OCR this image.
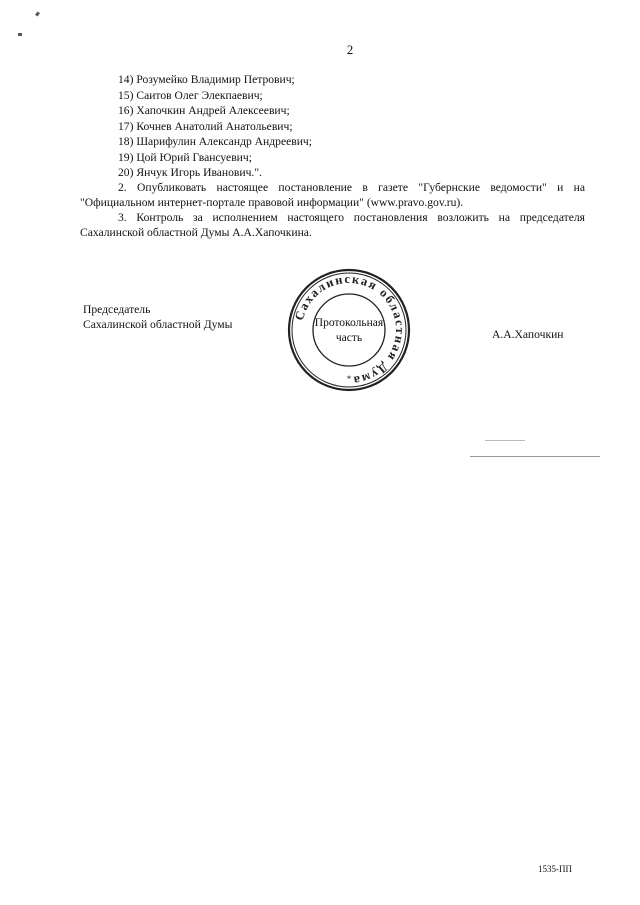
2
14) Розумейко Владимир Петрович;
15) Саитов Олег Элекпаевич;
16) Хапочкин Андрей Алексеевич;
17) Кочнев Анатолий Анатольевич;
18) Шарифулин Александр Андреевич;
19) Цой Юрий Гвансуевич;
20) Янчук Игорь Иванович.".
2. Опубликовать настоящее постановление в газете "Губернские ведомости" и на "Официальном интернет-портале правовой информации" (www.pravo.gov.ru).
3. Контроль за исполнением настоящего постановления возложить на председателя Сахалинской областной Думы А.А.Хапочкина.
Председатель
Сахалинской областной Думы
А.А.Хапочкин
Сахалинская областная Дума
Протокольная
часть
*
1535-ПП
